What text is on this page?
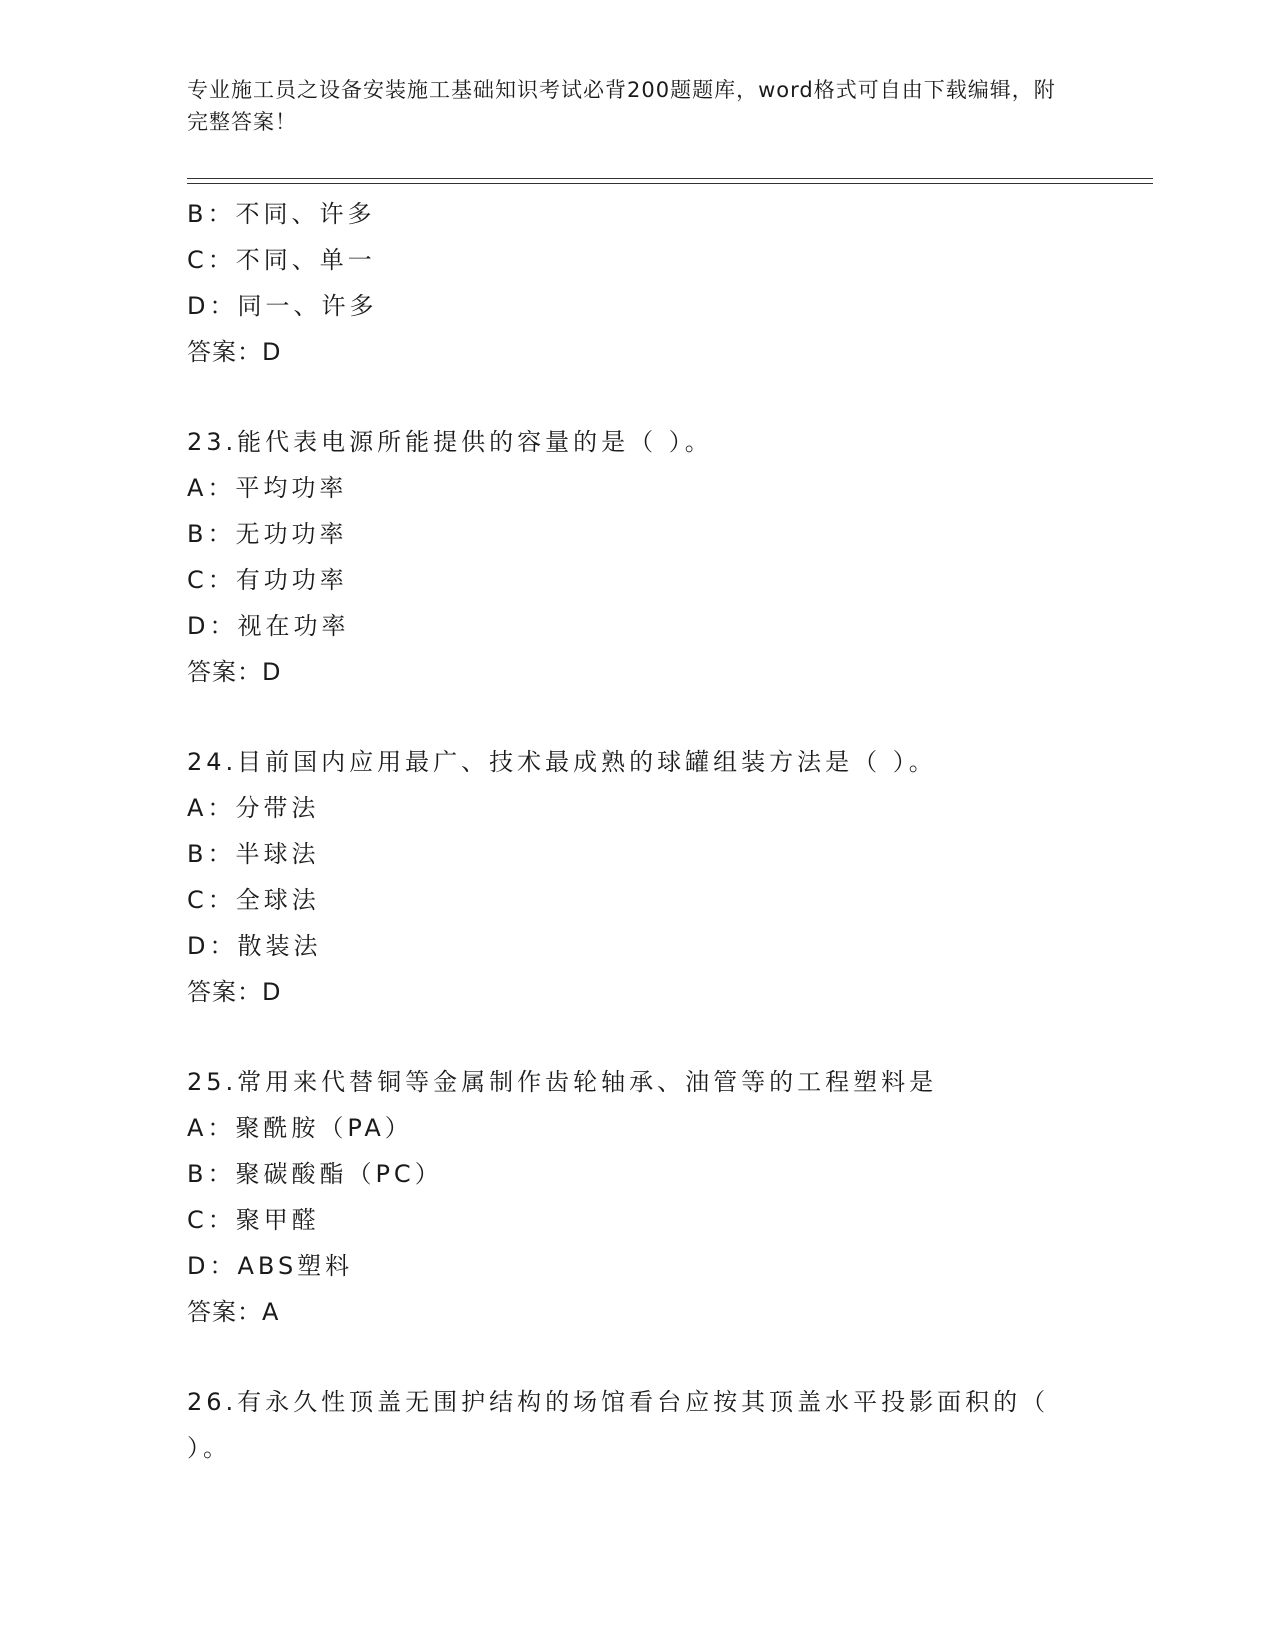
专业施工员之设备安装施工基础知识考试必背200题题库，word格式可自由下载编辑，附完整答案！
B：不同、许多
C：不同、单一
D：同一、许多
答案：D
23.能代表电源所能提供的容量的是（ ）。
A：平均功率
B：无功功率
C：有功功率
D：视在功率
答案：D
24.目前国内应用最广、技术最成熟的球罐组装方法是（ ）。
A：分带法
B：半球法
C：全球法
D：散装法
答案：D
25.常用来代替铜等金属制作齿轮轴承、油管等的工程塑料是
A：聚酰胺（PA）
B：聚碳酸酯（PC）
C：聚甲醛
D：ABS塑料
答案：A
26.有永久性顶盖无围护结构的场馆看台应按其顶盖水平投影面积的（ ）。
